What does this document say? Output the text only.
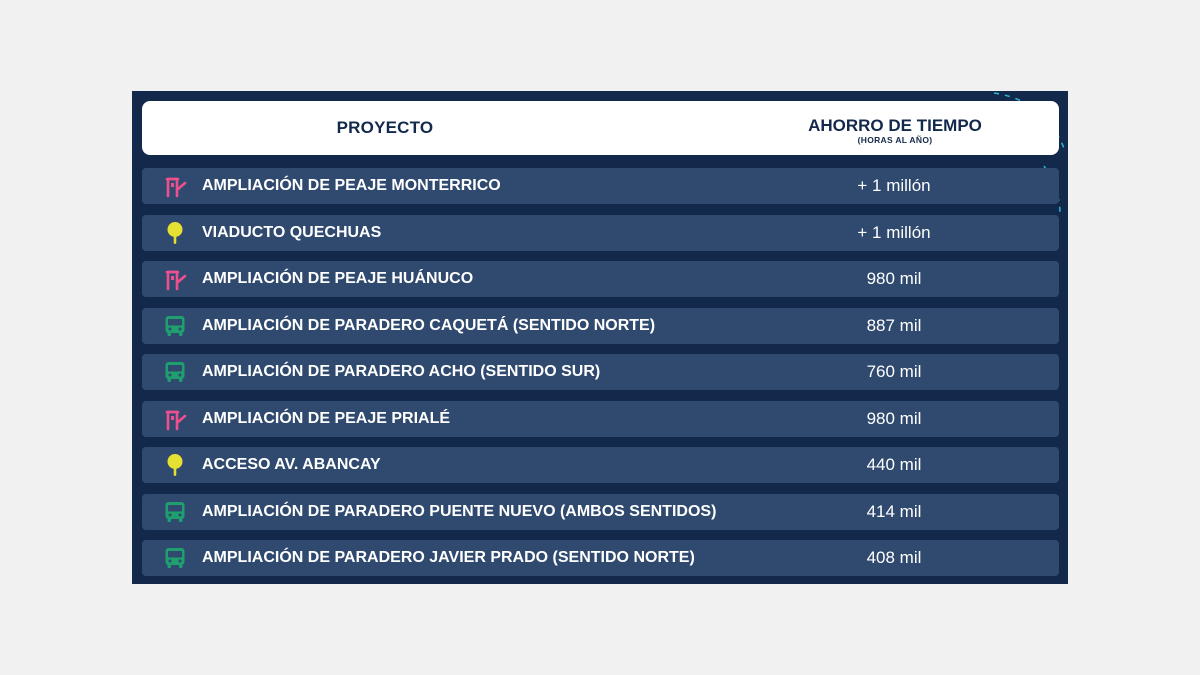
PROYECTO	AHORRO DE TIEMPO
(HORAS AL AÑO)
AMPLIACIÓN DE PEAJE MONTERRICO	+ 1 millón
VIADUCTO QUECHUAS	+ 1 millón
AMPLIACIÓN DE PEAJE HUÁNUCO	980 mil
AMPLIACIÓN DE PARADERO CAQUETÁ (SENTIDO NORTE)	887 mil
AMPLIACIÓN DE PARADERO ACHO (SENTIDO SUR)	760 mil
AMPLIACIÓN DE PEAJE PRIALÉ	980 mil
ACCESO AV. ABANCAY	440 mil
AMPLIACIÓN DE PARADERO PUENTE NUEVO (AMBOS SENTIDOS)	414 mil
AMPLIACIÓN DE PARADERO JAVIER PRADO (SENTIDO NORTE)	408 mil
